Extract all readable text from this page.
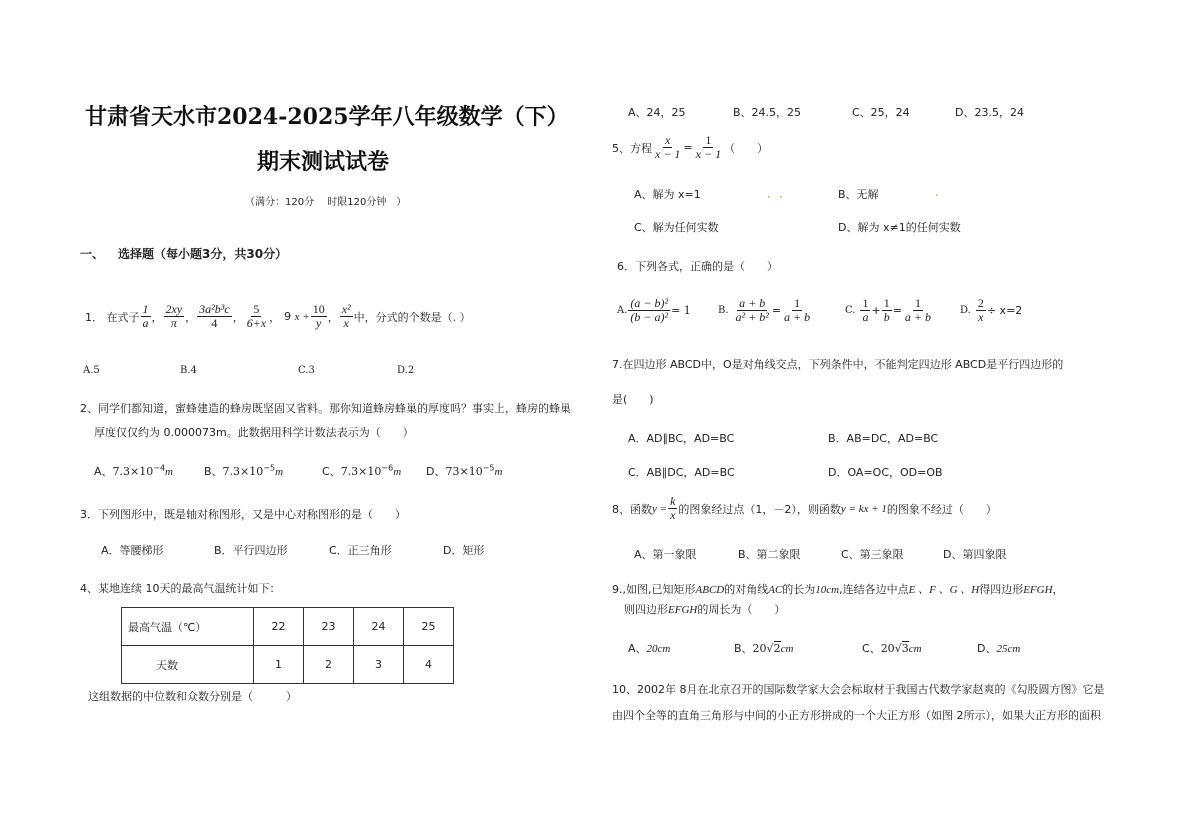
甘肃省天水市2024-2025学年八年级数学（下）
期末测试试卷
（满分：120分　 时限120分钟　）
一、 选择题（每小题3分，共30分）
1． 在式子 $\frac{1}{a}$ ， $\frac{2xy}{\pi}$ ， $\frac{\text{3a²b³c}}{4}$ ， $\frac{5}{6+x}$ ， 9
$x + \frac{10}{y}$ ， $\frac{\text{x²}}{x}$ 中，分式的个数是（. ）
A.5	B.4	C.3	D.2
2、同学们都知道，蜜蜂建造的蜂房既坚固又省料。那你知道蜂房蜂巢的厚度吗？事实上，蜂房的蜂巢
厚度仅仅约为 0.000073m。此数据用科学计数法表示为（　　）
A、$7.3\times 10^{-4}m$	B、$7.3\times 10^{-5}m$	C、$7.3\times 10^{-6}m$ D、$73\times 10^{-5}m$
3．下列图形中，既是轴对称图形，又是中心对称图形的是（　　）
A．等腰梯形	B．平行四边形	C．正三角形	D．矩形
4、某地连续 10天的最高气温统计如下：
最高气温（℃）	22	23	24	25
天数	1	2	3	4
这组数据的中位数和众数分别是（　　　）
A、24，25	B、24.5，25	C、25，24	D、23.5，24
5、方程 $\frac{x}{x - 1} = \frac{1}{x - 1}$ （　　）
A、解为 x=1	B、无解
C、解为任何实数	D、解为 x≠1的任何实数
6．下列各式，正确的是（　　）
A. $\frac{\text{(a − b)²}}{\text{(b − a)²}} = 1$	B. $\frac{a + b}{\text{a² + b²}} = \frac{1}{a + b}$	C. $\frac{1}{a} + \frac{1}{b} = \frac{1}{a + b}$	D. $\frac{2}{x} \div x=2$
7.在四边形 ABCD中，O是对角线交点，下列条件中，不能判定四边形 ABCD是平行四边形的
是(　　)
A．AD∥BC，AD=BC	B．AB=DC，AD=BC
C．AB∥DC，AD=BC	D．OA=OC，OD=OB
8、函数 $y = \frac{k}{x}$ 的图象经过点（1，－2），则函数 y = kx + 1 的图象不经过（　　）
A、第一象限	B、第二象限	C、第三象限	D、第四象限
9.,如图,已知矩形ABCD的对角线AC的长为10cm,连结各边中点E 、F 、G 、H得四边形EFGH，
则四边形EFGH的周长为（　　）
A、20cm	B、20√2cm	C、20√3cm	D、25cm
10、2002年 8月在北京召开的国际数学家大会会标取材于我国古代数学家赵爽的《勾股圆方图》它是
由四个全等的直角三角形与中间的小正方形拼成的一个大正方形（如图 2所示），如果大正方形的面积
